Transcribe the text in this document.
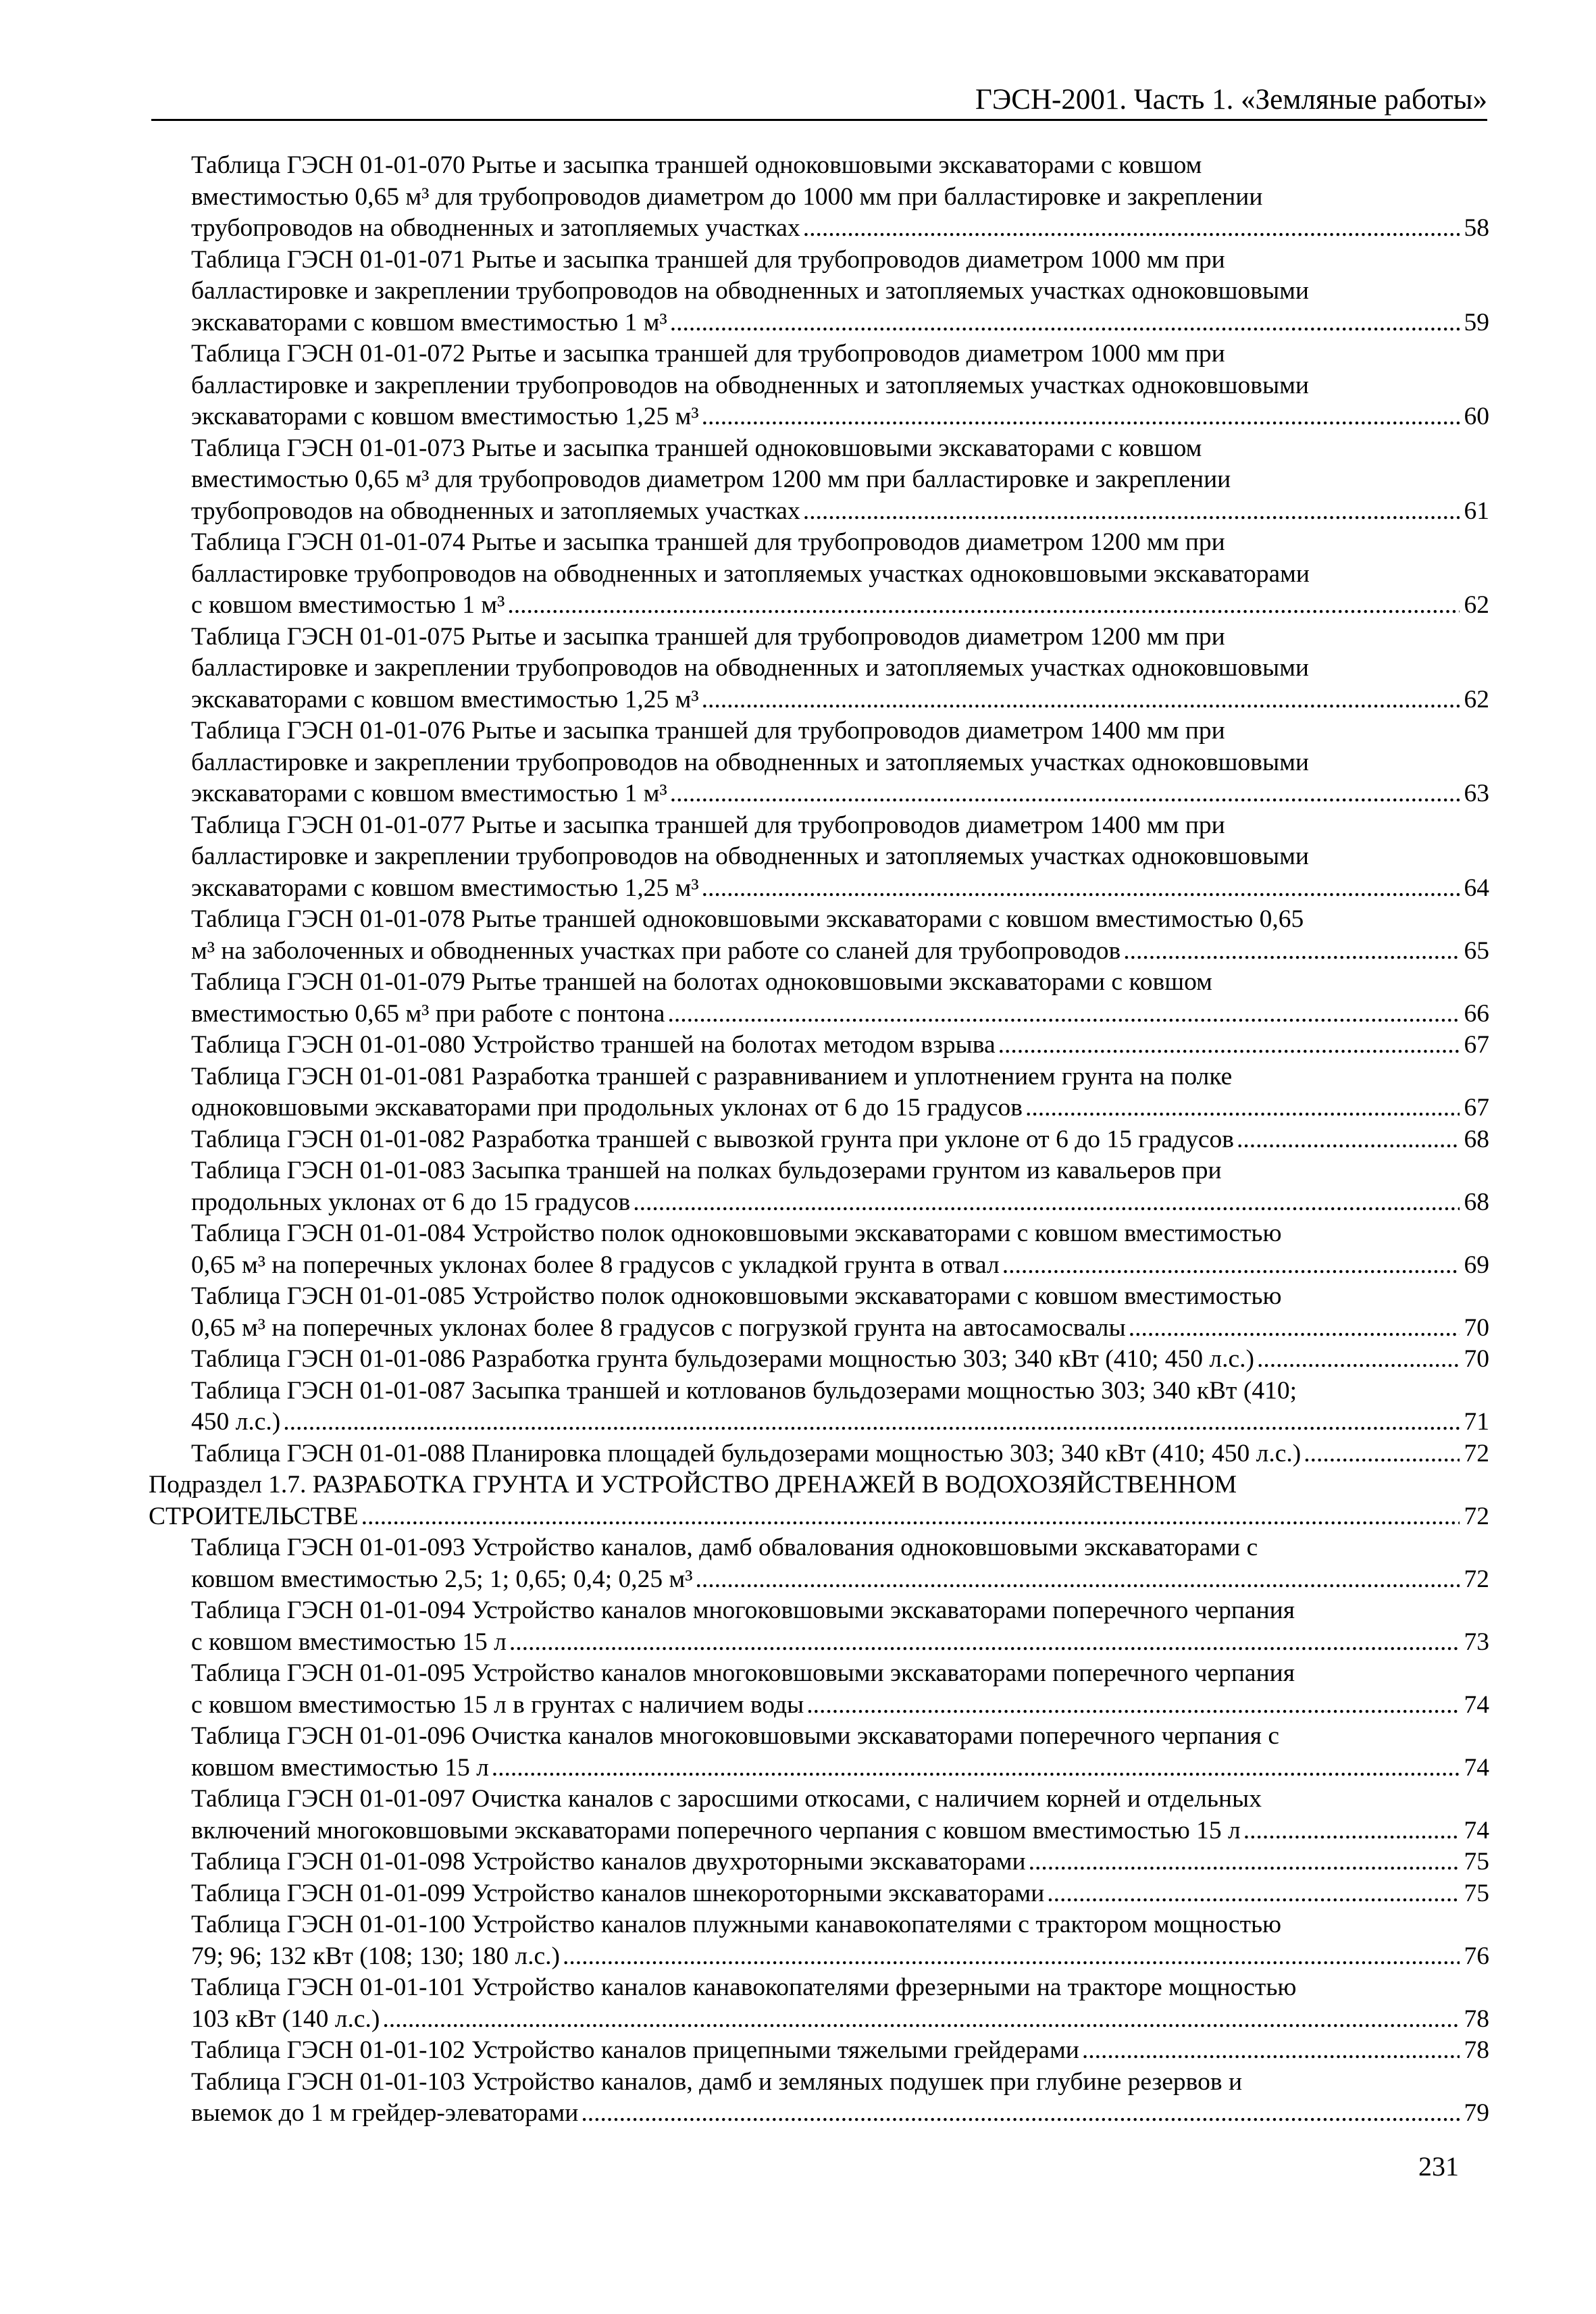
ГЭСН-2001. Часть 1. «Земляные работы»
Таблица ГЭСН 01-01-070 Рытье и засыпка траншей одноковшовыми экскаваторами с ковшом
вместимостью 0,65 м³ для трубопроводов диаметром до 1000 мм при балластировке и закреплении
трубопроводов на обводненных и затопляемых участках .....	58
Таблица ГЭСН 01-01-071 Рытье и засыпка траншей для трубопроводов диаметром 1000 мм при
балластировке и закреплении трубопроводов на обводненных и затопляемых участках одноковшовыми
экскаваторами с ковшом вместимостью 1 м³ .....	59
Таблица ГЭСН 01-01-072 Рытье и засыпка траншей для трубопроводов диаметром 1000 мм при
балластировке и закреплении трубопроводов на обводненных и затопляемых участках одноковшовыми
экскаваторами с ковшом вместимостью 1,25 м³ .....	60
Таблица ГЭСН 01-01-073 Рытье и засыпка траншей одноковшовыми экскаваторами с ковшом
вместимостью 0,65 м³ для трубопроводов диаметром 1200 мм при балластировке и закреплении
трубопроводов на обводненных и затопляемых участках .....	61
Таблица ГЭСН 01-01-074 Рытье и засыпка траншей для трубопроводов диаметром 1200 мм при
балластировке трубопроводов на обводненных и затопляемых участках одноковшовыми экскаваторами
с ковшом вместимостью 1 м³ .....	62
Таблица ГЭСН 01-01-075 Рытье и засыпка траншей для трубопроводов диаметром 1200 мм при
балластировке и закреплении трубопроводов на обводненных и затопляемых участках одноковшовыми
экскаваторами с ковшом вместимостью 1,25 м³ .....	62
Таблица ГЭСН 01-01-076 Рытье и засыпка траншей для трубопроводов диаметром 1400 мм при
балластировке и закреплении трубопроводов на обводненных и затопляемых участках одноковшовыми
экскаваторами с ковшом вместимостью 1 м³ .....	63
Таблица ГЭСН 01-01-077 Рытье и засыпка траншей для трубопроводов диаметром 1400 мм при
балластировке и закреплении трубопроводов на обводненных и затопляемых участках одноковшовыми
экскаваторами с ковшом вместимостью 1,25 м³ .....	64
Таблица ГЭСН 01-01-078 Рытье траншей одноковшовыми экскаваторами с ковшом вместимостью 0,65
м³ на заболоченных и обводненных участках при работе со сланей для трубопроводов .....	65
Таблица ГЭСН 01-01-079 Рытье траншей на болотах одноковшовыми экскаваторами с ковшом
вместимостью 0,65 м³ при работе с понтона .....	66
Таблица ГЭСН 01-01-080 Устройство траншей на болотах методом взрыва .....	67
Таблица ГЭСН 01-01-081 Разработка траншей с разравниванием и уплотнением грунта на полке
одноковшовыми экскаваторами при продольных уклонах от 6 до 15 градусов .....	67
Таблица ГЭСН 01-01-082 Разработка траншей с вывозкой грунта при уклоне от 6 до 15 градусов .....	68
Таблица ГЭСН 01-01-083 Засыпка траншей на полках бульдозерами грунтом из кавальеров при
продольных уклонах от 6 до 15 градусов .....	68
Таблица ГЭСН 01-01-084 Устройство полок одноковшовыми экскаваторами с ковшом вместимостью
0,65 м³ на поперечных уклонах более 8 градусов с укладкой грунта в отвал .....	69
Таблица ГЭСН 01-01-085 Устройство полок одноковшовыми экскаваторами с ковшом вместимостью
0,65 м³ на поперечных уклонах более 8 градусов с погрузкой грунта на автосамосвалы .....	70
Таблица ГЭСН 01-01-086 Разработка грунта бульдозерами мощностью 303; 340 кВт (410; 450 л.с.) .....	70
Таблица ГЭСН 01-01-087 Засыпка траншей и котлованов бульдозерами мощностью 303; 340 кВт (410;
450 л.с.) .....	71
Таблица ГЭСН 01-01-088 Планировка площадей бульдозерами мощностью 303; 340 кВт (410; 450 л.с.) .....	72
Подраздел 1.7. РАЗРАБОТКА ГРУНТА И УСТРОЙСТВО ДРЕНАЖЕЙ В ВОДОХОЗЯЙСТВЕННОМ
СТРОИТЕЛЬСТВЕ .....	72
Таблица ГЭСН 01-01-093 Устройство каналов, дамб обвалования одноковшовыми экскаваторами с
ковшом вместимостью 2,5; 1; 0,65; 0,4; 0,25 м³ .....	72
Таблица ГЭСН 01-01-094 Устройство каналов многоковшовыми экскаваторами поперечного черпания
с ковшом вместимостью 15 л .....	73
Таблица ГЭСН 01-01-095 Устройство каналов многоковшовыми экскаваторами поперечного черпания
с ковшом вместимостью 15 л в грунтах с наличием воды .....	74
Таблица ГЭСН 01-01-096 Очистка каналов многоковшовыми экскаваторами поперечного черпания с
ковшом вместимостью 15 л .....	74
Таблица ГЭСН 01-01-097 Очистка каналов с заросшими откосами, с наличием корней и отдельных
включений многоковшовыми экскаваторами поперечного черпания с ковшом вместимостью 15 л .....	74
Таблица ГЭСН 01-01-098 Устройство каналов двухроторными экскаваторами .....	75
Таблица ГЭСН 01-01-099 Устройство каналов шнекороторными экскаваторами .....	75
Таблица ГЭСН 01-01-100 Устройство каналов плужными канавокопателями с трактором мощностью
79; 96; 132 кВт (108; 130; 180 л.с.) .....	76
Таблица ГЭСН 01-01-101 Устройство каналов канавокопателями фрезерными на тракторе мощностью
103 кВт (140 л.с.) .....	78
Таблица ГЭСН 01-01-102 Устройство каналов прицепными тяжелыми грейдерами .....	78
Таблица ГЭСН 01-01-103 Устройство каналов, дамб и земляных подушек при глубине резервов и
выемок до 1 м грейдер-элеваторами .....	79
231
